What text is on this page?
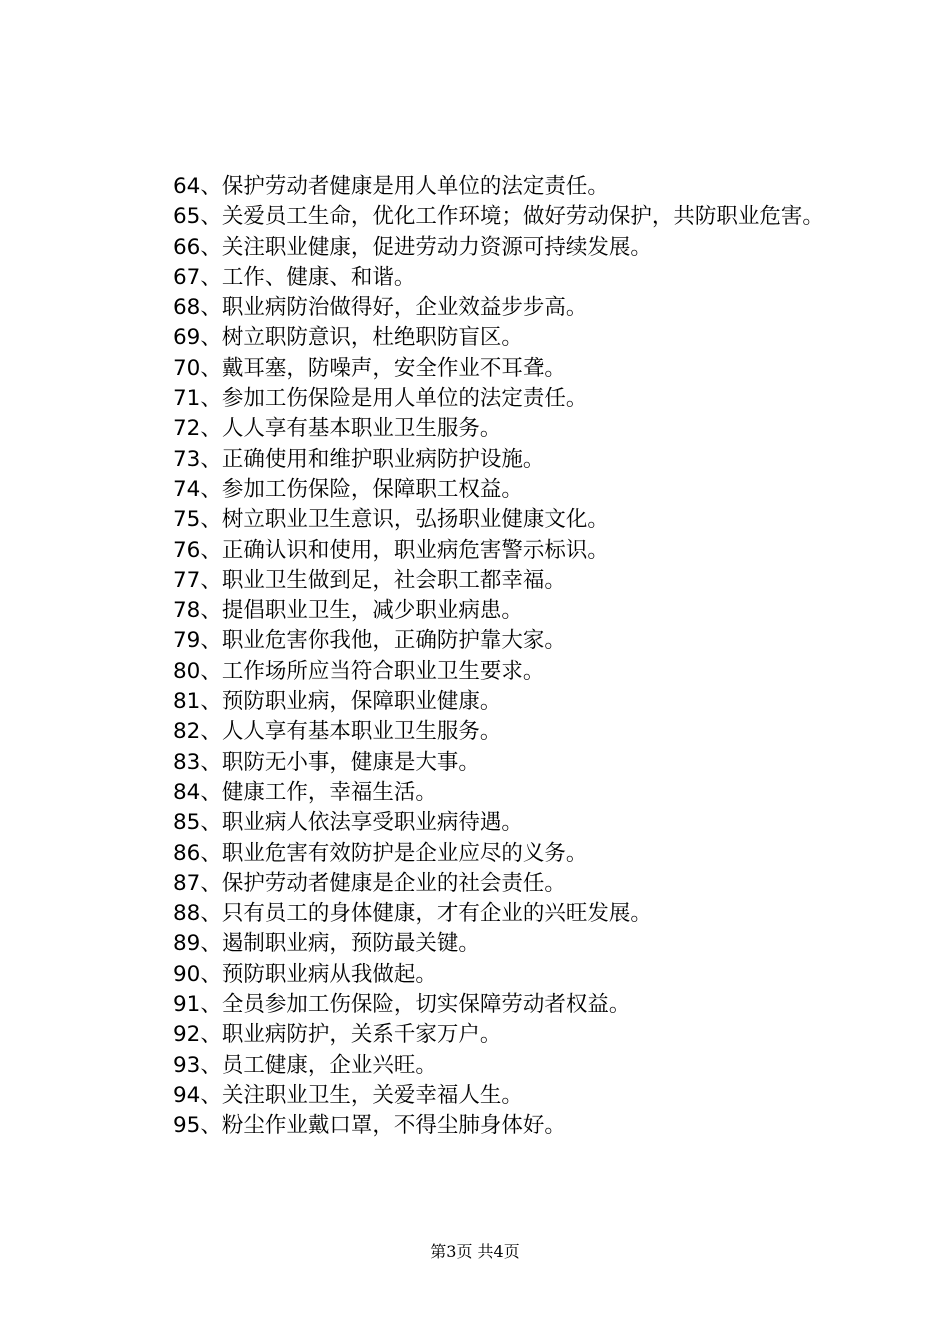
64、保护劳动者健康是用人单位的法定责任。

65、关爱员工生命，优化工作环境；做好劳动保护，共防职业危害。

66、关注职业健康，促进劳动力资源可持续发展。

67、工作、健康、和谐。

68、职业病防治做得好，企业效益步步高。

69、树立职防意识，杜绝职防盲区。

70、戴耳塞，防噪声，安全作业不耳聋。

71、参加工伤保险是用人单位的法定责任。

72、人人享有基本职业卫生服务。

73、正确使用和维护职业病防护设施。

74、参加工伤保险，保障职工权益。

75、树立职业卫生意识，弘扬职业健康文化。

76、正确认识和使用，职业病危害警示标识。

77、职业卫生做到足，社会职工都幸福。

78、提倡职业卫生，减少职业病患。

79、职业危害你我他，正确防护靠大家。

80、工作场所应当符合职业卫生要求。

81、预防职业病，保障职业健康。

82、人人享有基本职业卫生服务。

83、职防无小事，健康是大事。

84、健康工作，幸福生活。

85、职业病人依法享受职业病待遇。

86、职业危害有效防护是企业应尽的义务。

87、保护劳动者健康是企业的社会责任。

88、只有员工的身体健康，才有企业的兴旺发展。

89、遏制职业病，预防最关键。

90、预防职业病从我做起。

91、全员参加工伤保险，切实保障劳动者权益。

92、职业病防护，关系千家万户。

93、员工健康，企业兴旺。

94、关注职业卫生，关爱幸福人生。

95、粉尘作业戴口罩，不得尘肺身体好。

第3页 共4页
